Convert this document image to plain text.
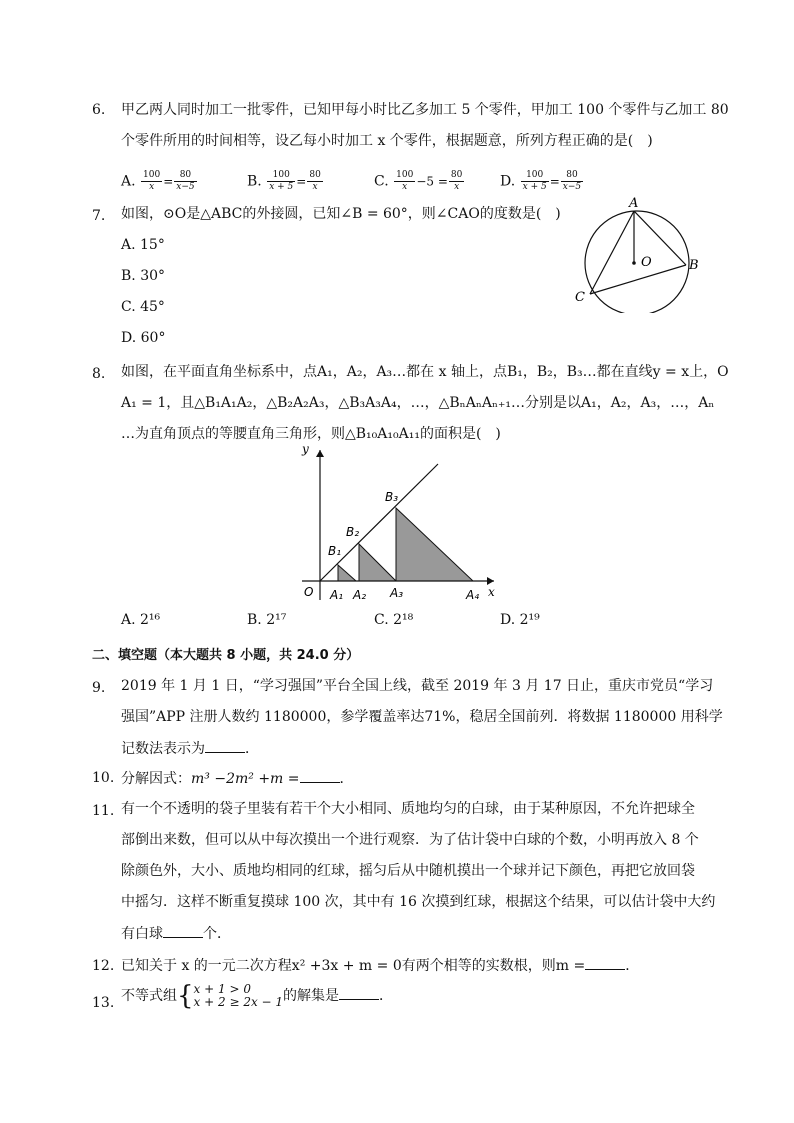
6.	甲乙两人同时加工一批零件，已知甲每小时比乙多加工 5 个零件，甲加工 100 个零件与乙加工 80
个零件所用的时间相等，设乙每小时加工 x 个零件，根据题意，所列方程正确的是(　)
A. $\frac{100}{x} = \frac{80}{x-5}$	B. $\frac{100}{x + 5} = \frac{80}{x}$	C. $\frac{100}{x} -5 = \frac{80}{x}$	D. $\frac{100}{x + 5} = \frac{80}{x-5}$
7.	如图，⊙O是△ABC的外接圆，已知∠B = 60°，则∠CAO的度数是(　)
A. 15°
B. 30°
C. 45°
D. 60°
A
O	B
C
8.	如图，在平面直角坐标系中，点A₁，A₂，A₃…都在 x 轴上，点B₁，B₂，B₃…都在直线y = x上，O
A₁ = 1，且△B₁A₁A₂，△B₂A₂A₃，△B₃A₃A₄，…，△BₙAₙAₙ₊₁…分别是以A₁，A₂，A₃，…，Aₙ
…为直角顶点的等腰直角三角形，则△B₁₀A₁₀A₁₁的面积是(　)
y
x
O A₁ A₂ A₃	A₄
B₁
B₂
B₃
A. 2¹⁶	B. 2¹⁷	C. 2¹⁸	D. 2¹⁹
二、填空题（本大题共 8 小题，共 24.0 分）
9.	2019 年 1 月 1 日，“学习强国”平台全国上线，截至 2019 年 3 月 17 日止，重庆市党员“学习
强国”APP 注册人数约 1180000，参学覆盖率达71%，稳居全国前列．将数据 1180000 用科学
记数法表示为	．
10. 分解因式：m³ −2m² +m =	．
11. 有一个不透明的袋子里装有若干个大小相同、质地均匀的白球，由于某种原因，不允许把球全
部倒出来数，但可以从中每次摸出一个进行观察．为了估计袋中白球的个数，小明再放入 8 个
除颜色外，大小、质地均相同的红球，摇匀后从中随机摸出一个球并记下颜色，再把它放回袋
中摇匀．这样不断重复摸球 100 次，其中有 16 次摸到红球，根据这个结果，可以估计袋中大约
有白球	个．
12. 已知关于 x 的一元二次方程x² +3x + m = 0有两个相等的实数根，则m =	．
13. 不等式组{ x + 1 > 0
x + 2 ≥ 2x − 1 的解集是	．
